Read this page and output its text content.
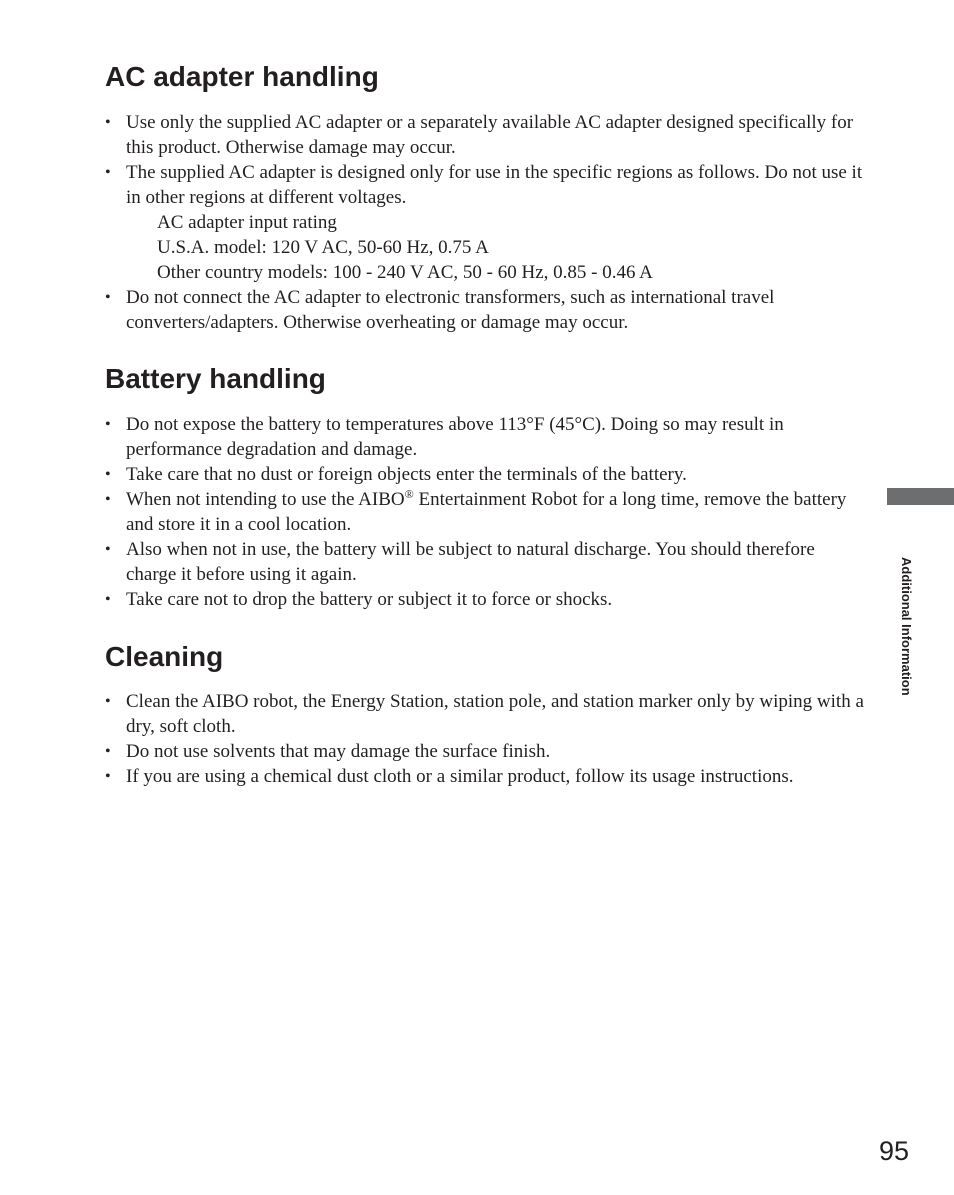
AC adapter handling
• Use only the supplied AC adapter or a separately available AC adapter designed specifically for this product. Otherwise damage may occur.
• The supplied AC adapter is designed only for use in the specific regions as follows. Do not use it in other regions at different voltages.
AC adapter input rating
U.S.A. model: 120 V AC, 50-60 Hz, 0.75 A
Other country models: 100 - 240 V AC, 50 - 60 Hz, 0.85 - 0.46 A
• Do not connect the AC adapter to electronic transformers, such as international travel converters/adapters. Otherwise overheating or damage may occur.
Battery handling
• Do not expose the battery to temperatures above 113°F (45°C). Doing so may result in performance degradation and damage.
• Take care that no dust or foreign objects enter the terminals of the battery.
• When not intending to use the AIBO® Entertainment Robot for a long time, remove the battery and store it in a cool location.
• Also when not in use, the battery will be subject to natural discharge. You should therefore charge it before using it again.
• Take care not to drop the battery or subject it to force or shocks.
Cleaning
• Clean the AIBO robot, the Energy Station, station pole, and station marker only by wiping with a dry, soft cloth.
• Do not use solvents that may damage the surface finish.
• If you are using a chemical dust cloth or a similar product, follow its usage instructions.
Additional Information
95
